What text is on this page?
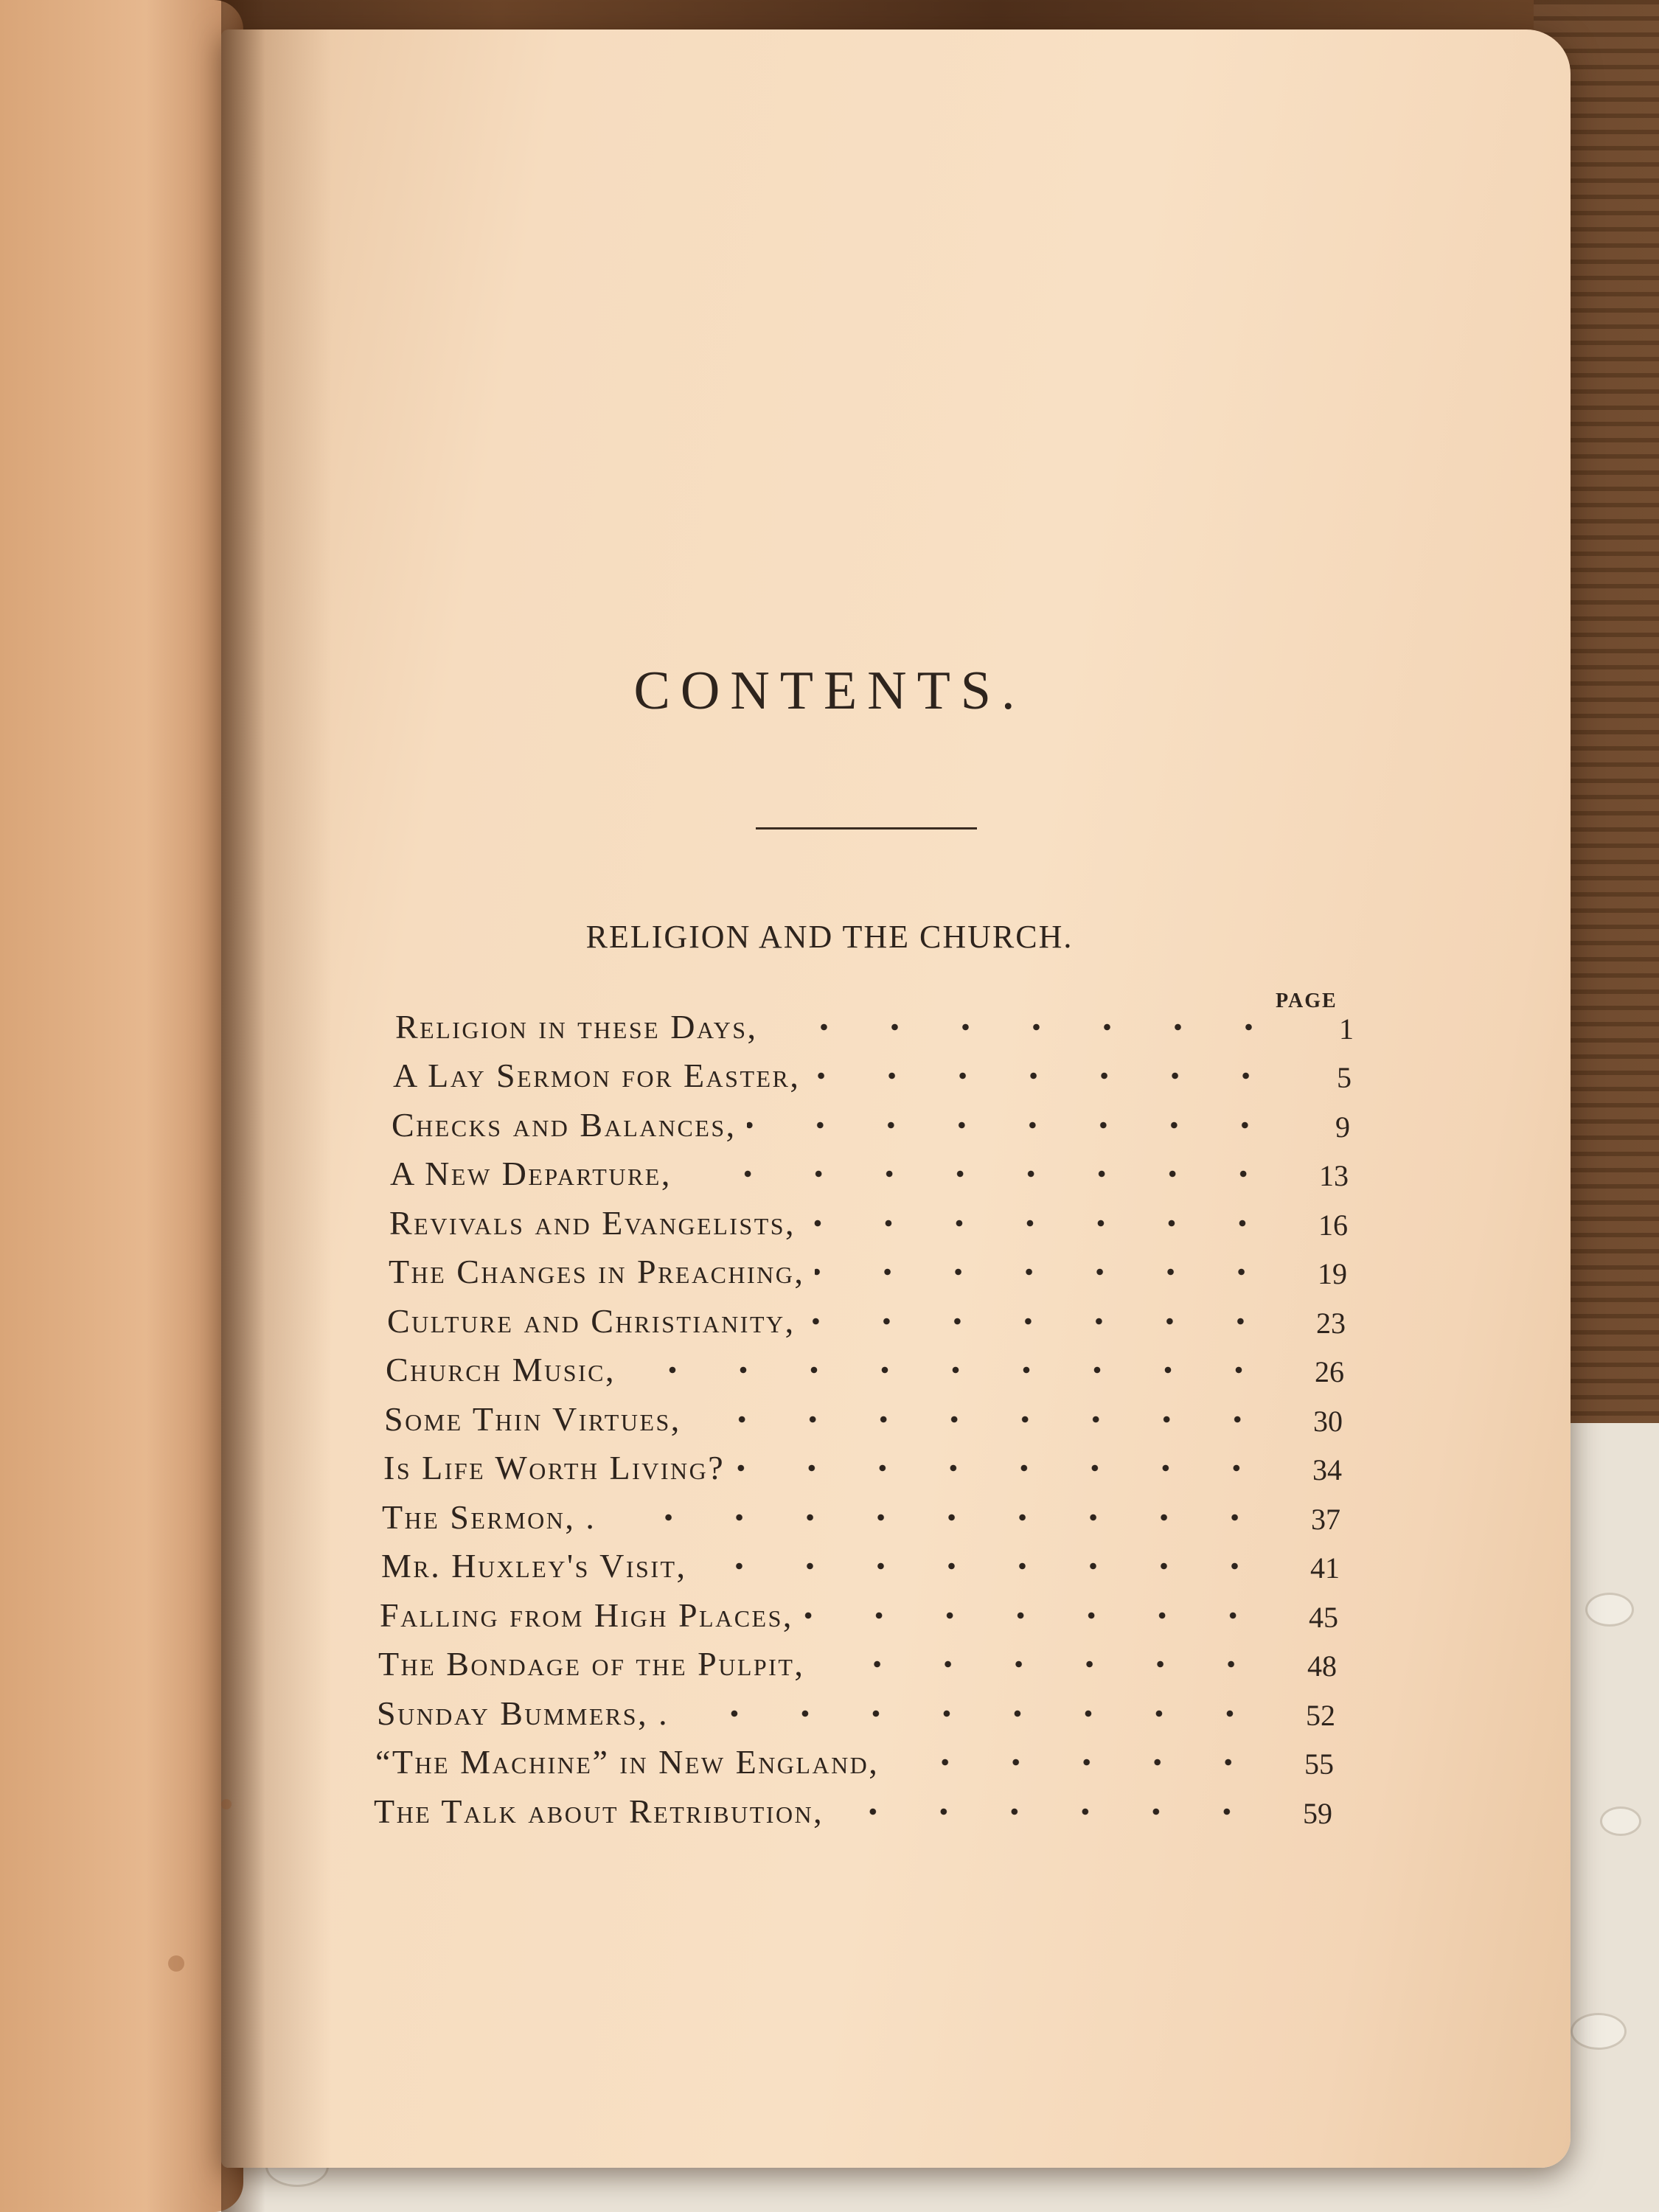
CONTENTS.
RELIGION AND THE CHURCH.
PAGE
Religion in these Days,	1
A Lay Sermon for Easter,	5
Checks and Balances,	9
A New Departure,	13
Revivals and Evangelists,	16
The Changes in Preaching,	19
Culture and Christianity,	23
Church Music,	26
Some Thin Virtues,	30
Is Life Worth Living?	34
The Sermon, .	37
Mr. Huxley's Visit,	41
Falling from High Places,	45
The Bondage of the Pulpit,	48
Sunday Bummers, .	52
“The Machine” in New England,	55
The Talk about Retribution,	59
